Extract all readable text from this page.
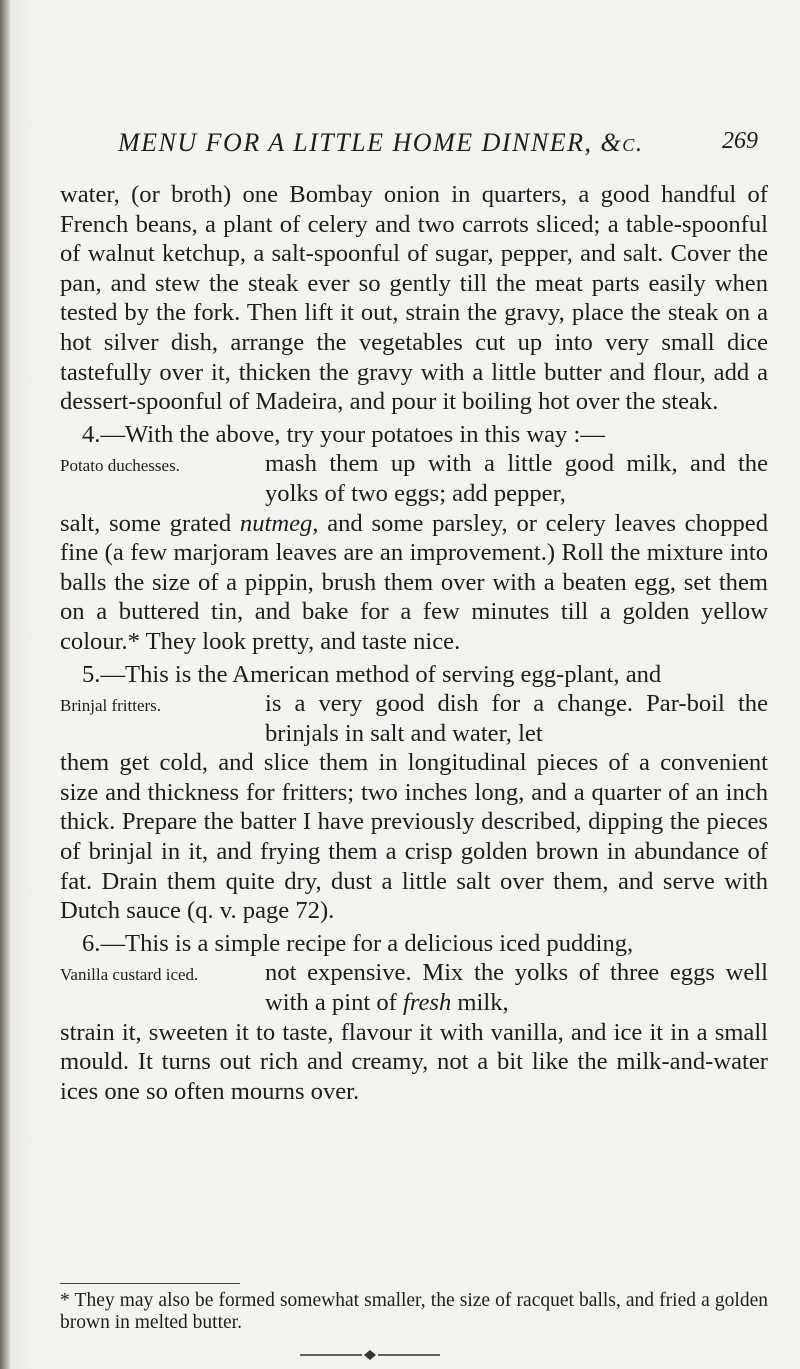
MENU FOR A LITTLE HOME DINNER, &c.	269

water, (or broth) one Bombay onion in quarters, a good handful of French beans, a plant of celery and two carrots sliced; a table-spoonful of walnut ketchup, a salt-spoonful of sugar, pepper, and salt. Cover the pan, and stew the steak ever so gently till the meat parts easily when tested by the fork. Then lift it out, strain the gravy, place the steak on a hot silver dish, arrange the vegetables cut up into very small dice tastefully over it, thicken the gravy with a little butter and flour, add a dessert-spoonful of Madeira, and pour it boiling hot over the steak.

4.—With the above, try your potatoes in this way :—

Potato duchesses.	mash them up with a little good milk, and the yolks of two eggs; add pepper,

salt, some grated nutmeg, and some parsley, or celery leaves chopped fine (a few marjoram leaves are an improvement.) Roll the mixture into balls the size of a pippin, brush them over with a beaten egg, set them on a buttered tin, and bake for a few minutes till a golden yellow colour.* They look pretty, and taste nice.

5.—This is the American method of serving egg-plant, and

Brinjal fritters.	is a very good dish for a change. Par-boil the brinjals in salt and water, let

them get cold, and slice them in longitudinal pieces of a convenient size and thickness for fritters; two inches long, and a quarter of an inch thick. Prepare the batter I have previously described, dipping the pieces of brinjal in it, and frying them a crisp golden brown in abundance of fat. Drain them quite dry, dust a little salt over them, and serve with Dutch sauce (q. v. page 72).

6.—This is a simple recipe for a delicious iced pudding,

Vanilla custard iced.	not expensive. Mix the yolks of three eggs well with a pint of fresh milk,

strain it, sweeten it to taste, flavour it with vanilla, and ice it in a small mould. It turns out rich and creamy, not a bit like the milk-and-water ices one so often mourns over.

* They may also be formed somewhat smaller, the size of racquet balls, and fried a golden brown in melted butter.
